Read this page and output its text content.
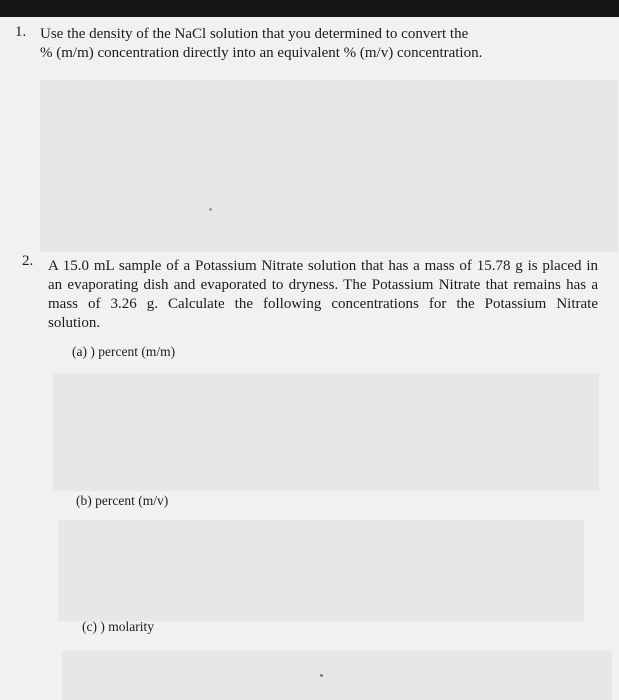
1. Use the density of the NaCl solution that you determined to convert the
% (m/m) concentration directly into an equivalent % (m/v) concentration.
2. A 15.0 mL sample of a Potassium Nitrate solution that has a mass of 15.78 g is placed in
an evaporating dish and evaporated to dryness. The Potassium Nitrate that remains has a
mass of 3.26 g. Calculate the following concentrations for the Potassium Nitrate
solution.
(a) ) percent (m/m)
(b) percent (m/v)
(c) ) molarity
